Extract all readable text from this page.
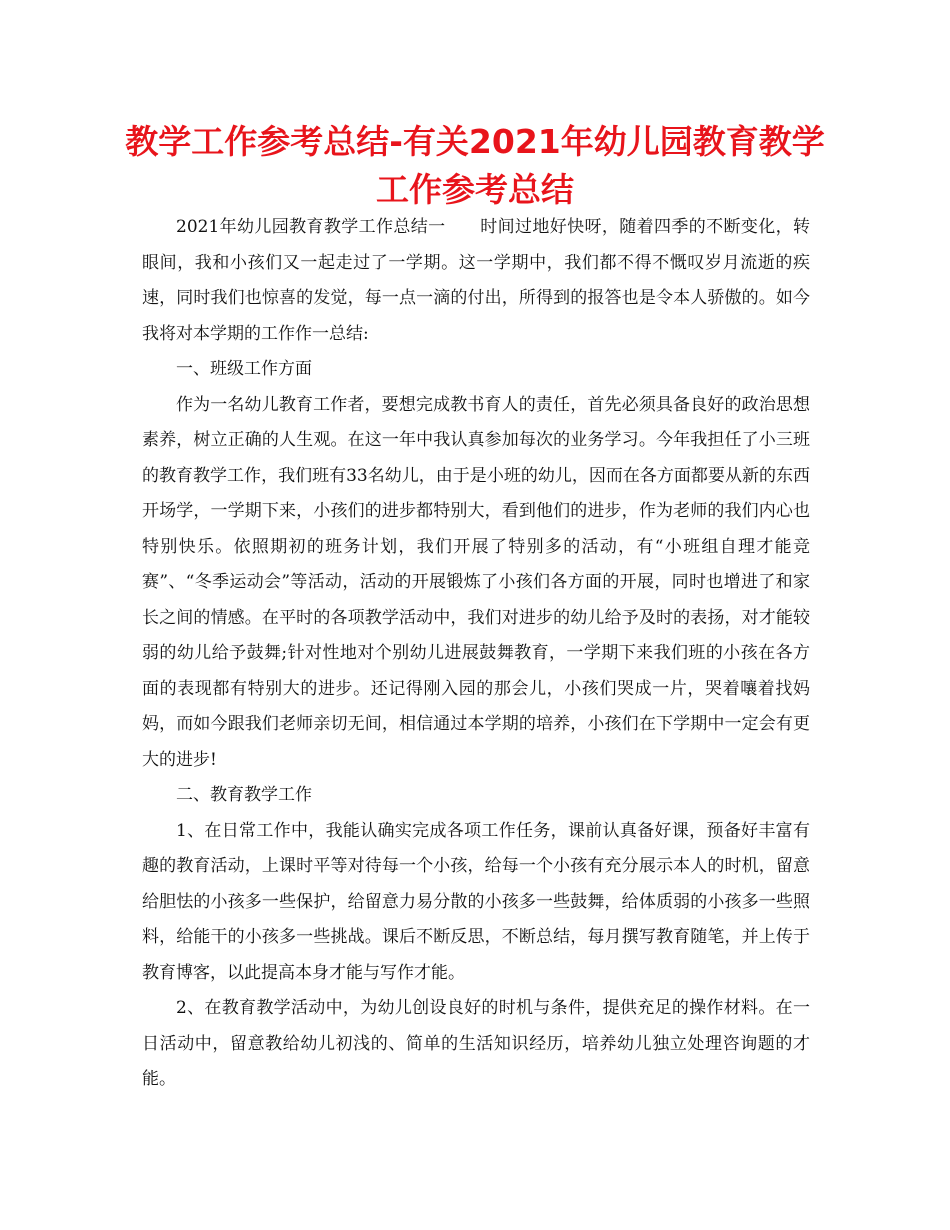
教学工作参考总结-有关2021年幼儿园教育教学工作参考总结

2021年幼儿园教育教学工作总结一　　时间过地好快呀，随着四季的不断变化，转眼间，我和小孩们又一起走过了一学期。这一学期中，我们都不得不慨叹岁月流逝的疾速，同时我们也惊喜的发觉，每一点一滴的付出，所得到的报答也是令本人骄傲的。如今我将对本学期的工作作一总结:

一、班级工作方面

作为一名幼儿教育工作者，要想完成教书育人的责任，首先必须具备良好的政治思想素养，树立正确的人生观。在这一年中我认真参加每次的业务学习。今年我担任了小三班的教育教学工作，我们班有33名幼儿，由于是小班的幼儿，因而在各方面都要从新的东西开场学，一学期下来，小孩们的进步都特别大，看到他们的进步，作为老师的我们内心也特别快乐。依照期初的班务计划，我们开展了特别多的活动，有“小班组自理才能竞赛”、“冬季运动会”等活动，活动的开展锻炼了小孩们各方面的开展，同时也增进了和家长之间的情感。在平时的各项教学活动中，我们对进步的幼儿给予及时的表扬，对才能较弱的幼儿给予鼓舞;针对性地对个别幼儿进展鼓舞教育，一学期下来我们班的小孩在各方面的表现都有特别大的进步。还记得刚入园的那会儿，小孩们哭成一片，哭着嚷着找妈妈，而如今跟我们老师亲切无间，相信通过本学期的培养，小孩们在下学期中一定会有更大的进步!

二、教育教学工作

1、在日常工作中，我能认确实完成各项工作任务，课前认真备好课，预备好丰富有趣的教育活动，上课时平等对待每一个小孩，给每一个小孩有充分展示本人的时机，留意给胆怯的小孩多一些保护，给留意力易分散的小孩多一些鼓舞，给体质弱的小孩多一些照料，给能干的小孩多一些挑战。课后不断反思，不断总结，每月撰写教育随笔，并上传于教育博客，以此提高本身才能与写作才能。

2、在教育教学活动中，为幼儿创设良好的时机与条件，提供充足的操作材料。在一日活动中，留意教给幼儿初浅的、简单的生活知识经历，培养幼儿独立处理咨询题的才能。
